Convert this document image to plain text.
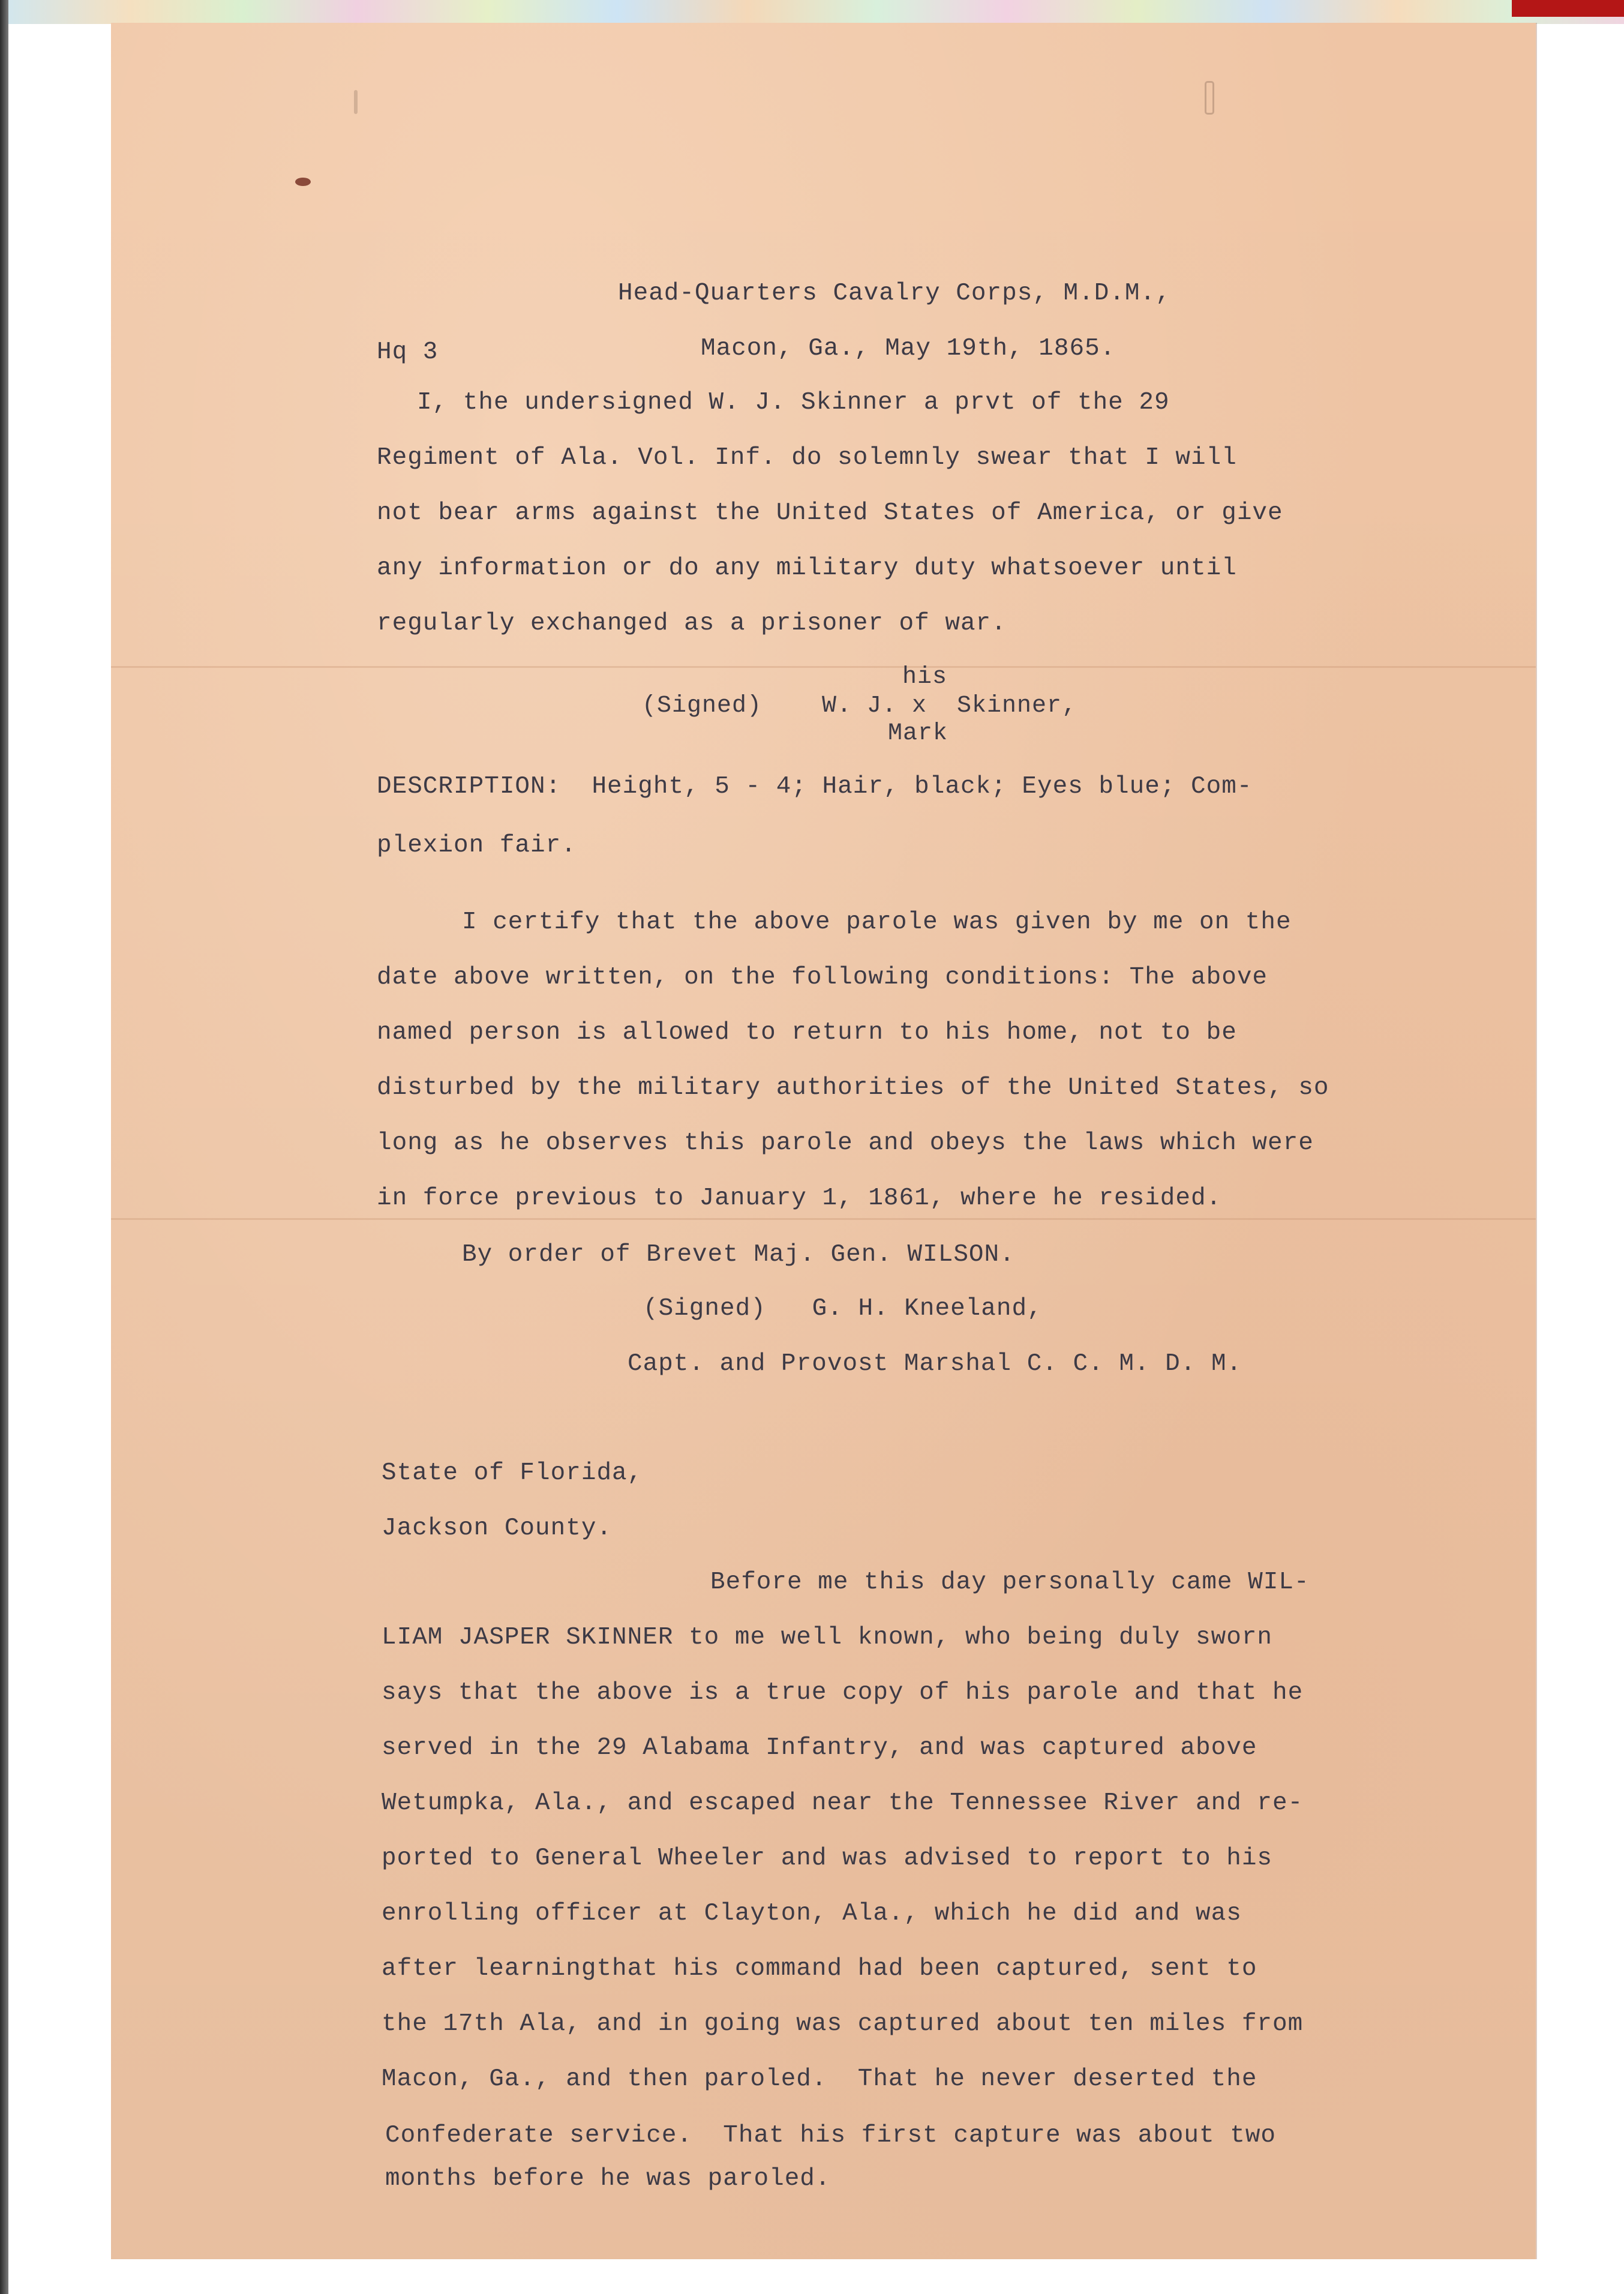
Head-Quarters Cavalry Corps, M.D.M.,
Hq 3	Macon, Ga., May 19th, 1865.
I, the undersigned W. J. Skinner a prvt of the 29
Regiment of Ala. Vol. Inf. do solemnly swear that I will
not bear arms against the United States of America, or give
any information or do any military duty whatsoever until
regularly exchanged as a prisoner of war.
his
(Signed) W. J. x  Skinner,
Mark
DESCRIPTION:  Height, 5 - 4; Hair, black; Eyes blue; Com-
plexion fair.
I certify that the above parole was given by me on the
date above written, on the following conditions: The above
named person is allowed to return to his home, not to be
disturbed by the military authorities of the United States, so
long as he observes this parole and obeys the laws which were
in force previous to January 1, 1861, where he resided.
By order of Brevet Maj. Gen. WILSON.
(Signed)   G. H. Kneeland,
Capt. and Provost Marshal C. C. M. D. M.
State of Florida,
Jackson County.
Before me this day personally came WIL-
LIAM JASPER SKINNER to me well known, who being duly sworn
says that the above is a true copy of his parole and that he
served in the 29 Alabama Infantry, and was captured above
Wetumpka, Ala., and escaped near the Tennessee River and re-
ported to General Wheeler and was advised to report to his
enrolling officer at Clayton, Ala., which he did and was
after learningthat his command had been captured, sent to
the 17th Ala, and in going was captured about ten miles from
Macon, Ga., and then paroled.  That he never deserted the
Confederate service.  That his first capture was about two
months before he was paroled.
